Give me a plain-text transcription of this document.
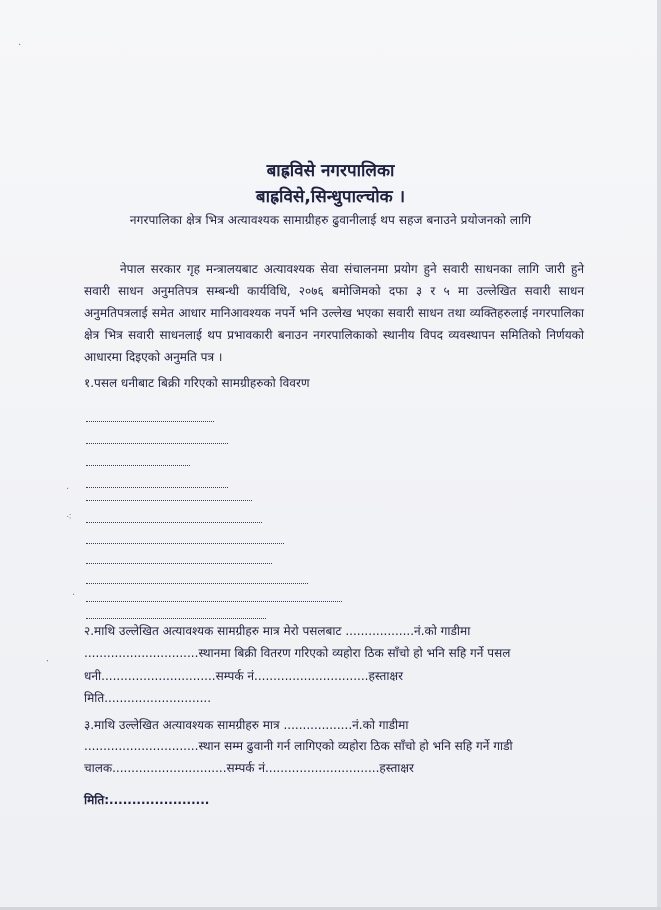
बाह्रविसे नगरपालिका
बाह्रविसे,सिन्धुपाल्चोक ।
नगरपालिका क्षेत्र भित्र अत्यावश्यक सामाग्रीहरु ढुवानीलाई थप सहज बनाउने प्रयोजनको लागि
नेपाल सरकार गृह मन्त्रालयबाट अत्यावश्यक सेवा संचालनमा प्रयोग हुने सवारी साधनका लागि जारी हुने सवारी साधन अनुमतिपत्र सम्बन्धी कार्यविधि, २०७६ बमोजिमको दफा ३ र ५ मा उल्लेखित सवारी साधन अनुमतिपत्रलाई समेत आधार मानिआवश्यक नपर्ने भनि उल्लेख भएका सवारी साधन तथा व्यक्तिहरुलाई नगरपालिका क्षेत्र भित्र सवारी साधनलाई थप प्रभावकारी बनाउन नगरपालिकाको स्थानीय विपद व्यवस्थापन समितिको निर्णयको आधारमा दिइएको अनुमति पत्र ।
१.पसल धनीबाट बिक्री गरिएको सामग्रीहरुको विवरण
२.माथि उल्लेखित अत्यावश्यक सामग्रीहरु मात्र मेरो पसलबाट ..................नं.को गाडीमा
..............................स्थानमा बिक्री वितरण गरिएको व्यहोरा ठिक साँचो हो भनि सहि गर्ने पसल
धनी..............................सम्पर्क नं..............................हस्ताक्षर
मिति............................
३.माथि उल्लेखित अत्यावश्यक सामग्रीहरु मात्र ..................नं.को गाडीमा
..............................स्थान सम्म ढुवानी गर्न लागिएको व्यहोरा ठिक साँचो हो भनि सहि गर्ने गाडी
चालक..............................सम्पर्क नं..............................हस्ताक्षर
मिति:......................
·
·
⁖
·
ˑ
